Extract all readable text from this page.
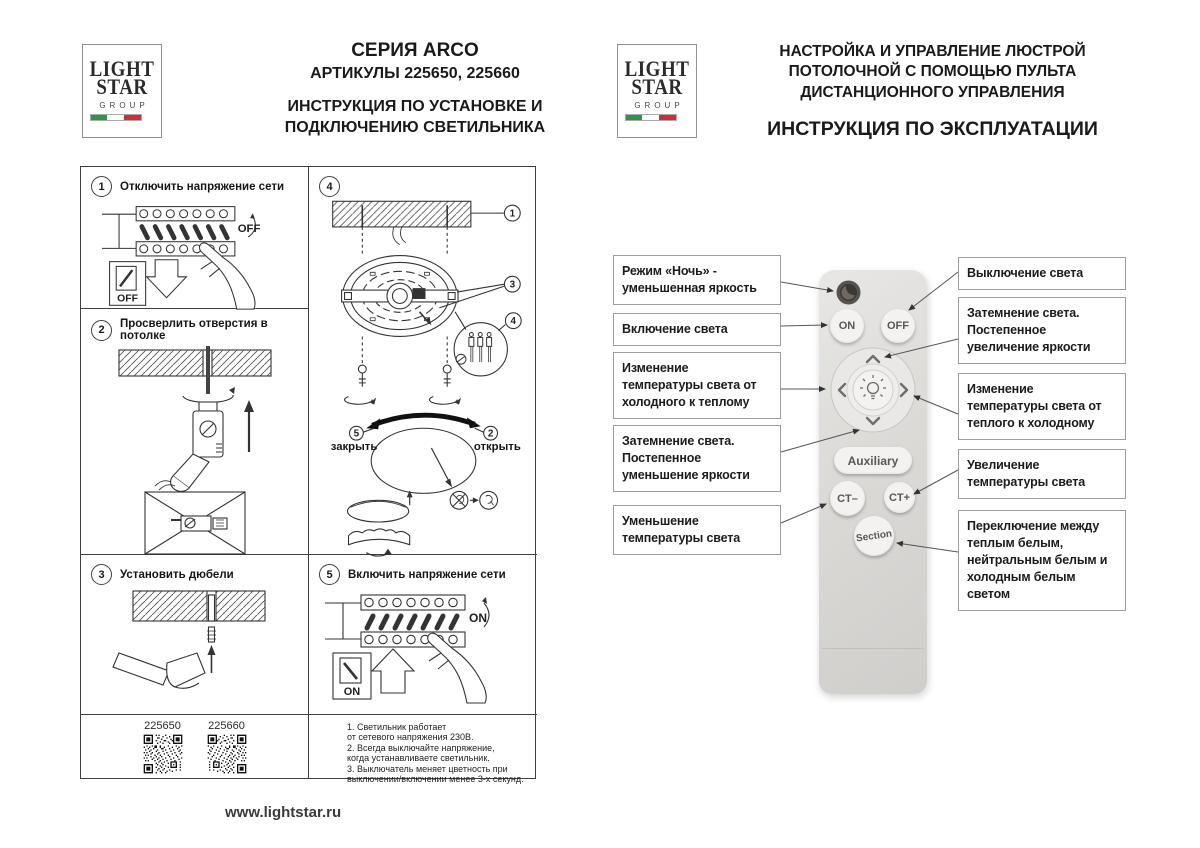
LIGHT
STAR
GROUP
СЕРИЯ ARCO
АРТИКУЛЫ 225650, 225660
ИНСТРУКЦИЯ ПО УСТАНОВКЕ И
ПОДКЛЮЧЕНИЮ СВЕТИЛЬНИКА
LIGHT
STAR
GROUP
НАСТРОЙКА И УПРАВЛЕНИЕ ЛЮСТРОЙ
ПОТОЛОЧНОЙ С ПОМОЩЬЮ ПУЛЬТА
ДИСТАНЦИОННОГО УПРАВЛЕНИЯ
ИНСТРУКЦИЯ ПО ЭКСПЛУАТАЦИИ
1	Отключить напряжение сети
OFF
OFF
2	Просверлить отверстия в потолке
3	Установить дюбели
225650 225660
4
1
3
4
5	2
закрыть	открыть
5	Включить напряжение сети
ON
ON
1. Светильник работает
от сетевого напряжения 230В.
2. Всегда выключайте напряжение,
когда устанавливаете светильник.
3. Выключатель меняет цветность при
выключении/включении менее 3-х секунд.
ON	OFF
Auxiliary
CT–	CT+
Section
Режим «Ночь» - уменьшенная яркость
Включение света
Изменение температуры света от холодного к теплому
Затемнение света. Постепенное уменьшение яркости
Уменьшение температуры света
Выключение света
Затемнение света. Постепенное увеличение яркости
Изменение температуры света от теплого к холодному
Увеличение температуры света
Переключение между теплым белым, нейтральным белым и холодным белым светом
www.lightstar.ru
